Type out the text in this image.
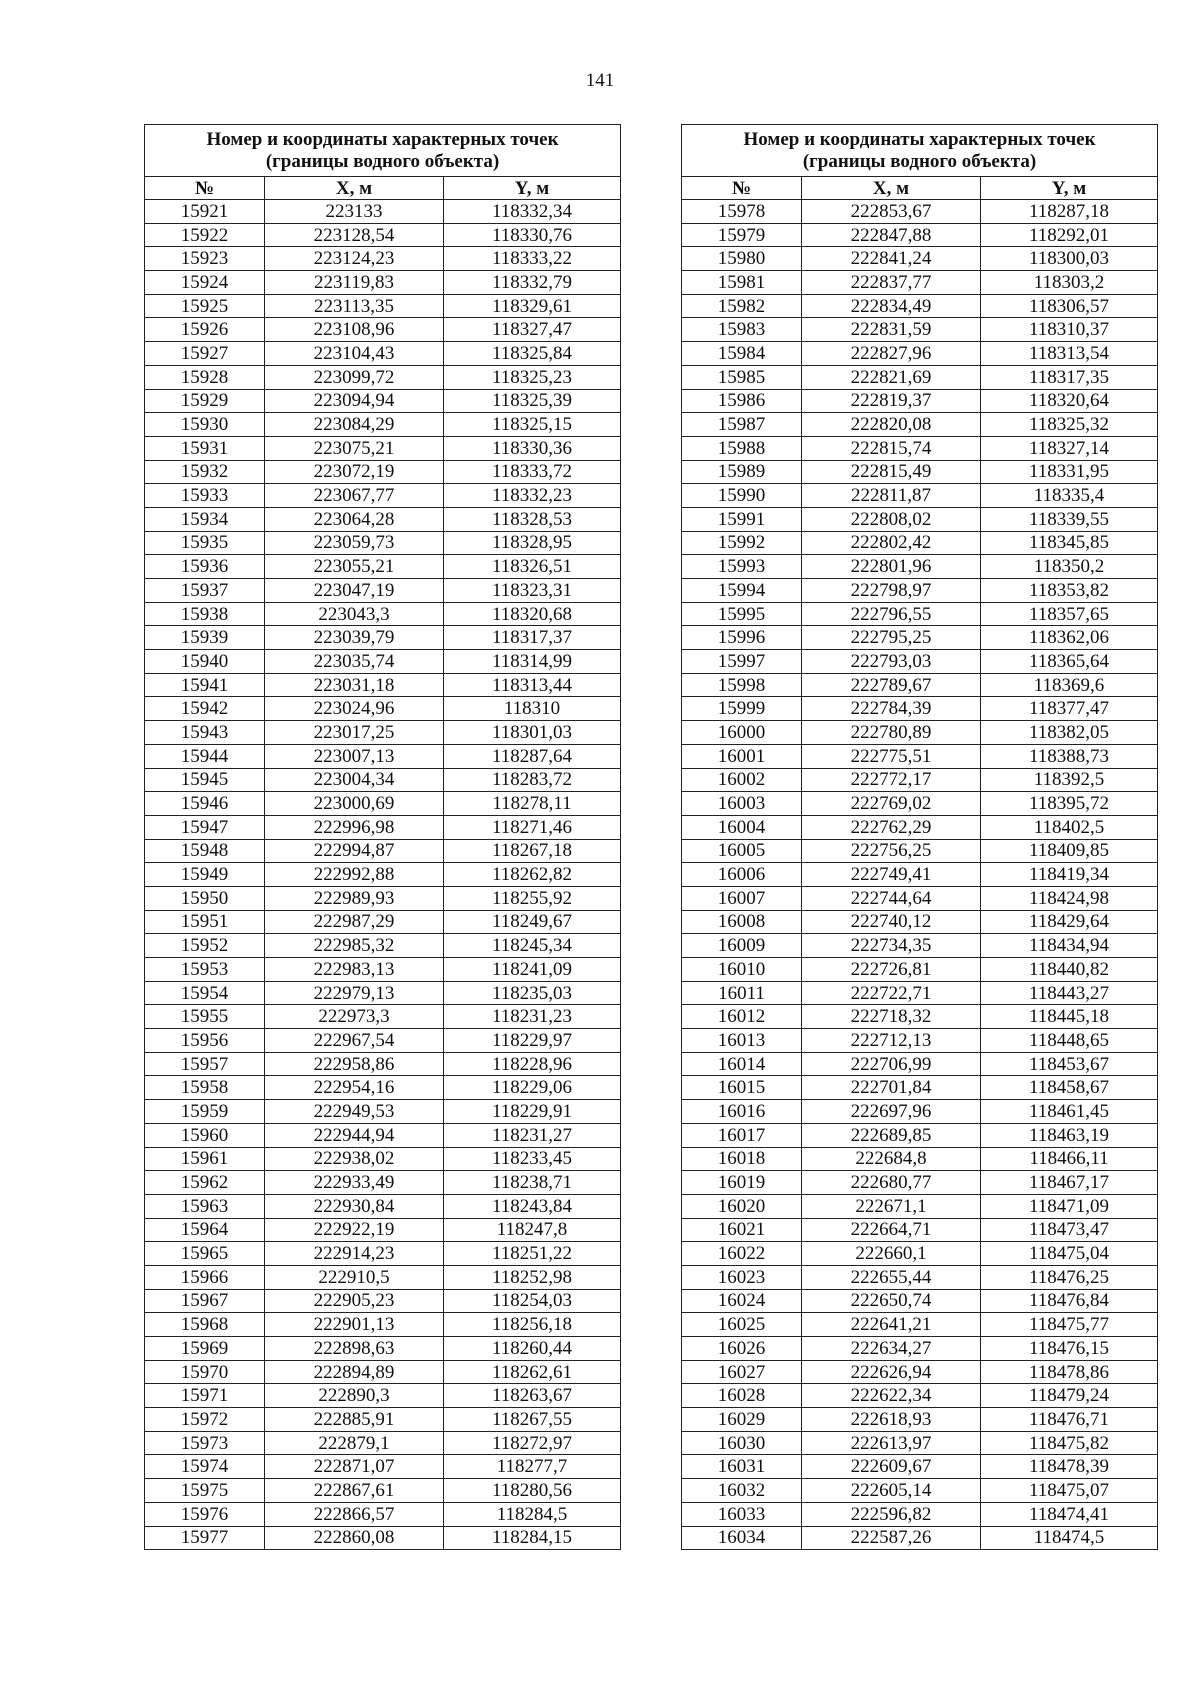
141
Номер и координаты характерных точек
(границы водного объекта)		
№	X, м	Y, м
15921	223133	118332,34
15922	223128,54	118330,76
15923	223124,23	118333,22
15924	223119,83	118332,79
15925	223113,35	118329,61
15926	223108,96	118327,47
15927	223104,43	118325,84
15928	223099,72	118325,23
15929	223094,94	118325,39
15930	223084,29	118325,15
15931	223075,21	118330,36
15932	223072,19	118333,72
15933	223067,77	118332,23
15934	223064,28	118328,53
15935	223059,73	118328,95
15936	223055,21	118326,51
15937	223047,19	118323,31
15938	223043,3	118320,68
15939	223039,79	118317,37
15940	223035,74	118314,99
15941	223031,18	118313,44
15942	223024,96	118310
15943	223017,25	118301,03
15944	223007,13	118287,64
15945	223004,34	118283,72
15946	223000,69	118278,11
15947	222996,98	118271,46
15948	222994,87	118267,18
15949	222992,88	118262,82
15950	222989,93	118255,92
15951	222987,29	118249,67
15952	222985,32	118245,34
15953	222983,13	118241,09
15954	222979,13	118235,03
15955	222973,3	118231,23
15956	222967,54	118229,97
15957	222958,86	118228,96
15958	222954,16	118229,06
15959	222949,53	118229,91
15960	222944,94	118231,27
15961	222938,02	118233,45
15962	222933,49	118238,71
15963	222930,84	118243,84
15964	222922,19	118247,8
15965	222914,23	118251,22
15966	222910,5	118252,98
15967	222905,23	118254,03
15968	222901,13	118256,18
15969	222898,63	118260,44
15970	222894,89	118262,61
15971	222890,3	118263,67
15972	222885,91	118267,55
15973	222879,1	118272,97
15974	222871,07	118277,7
15975	222867,61	118280,56
15976	222866,57	118284,5
15977	222860,08	118284,15
Номер и координаты характерных точек
(границы водного объекта)		
№	X, м	Y, м
15978	222853,67	118287,18
15979	222847,88	118292,01
15980	222841,24	118300,03
15981	222837,77	118303,2
15982	222834,49	118306,57
15983	222831,59	118310,37
15984	222827,96	118313,54
15985	222821,69	118317,35
15986	222819,37	118320,64
15987	222820,08	118325,32
15988	222815,74	118327,14
15989	222815,49	118331,95
15990	222811,87	118335,4
15991	222808,02	118339,55
15992	222802,42	118345,85
15993	222801,96	118350,2
15994	222798,97	118353,82
15995	222796,55	118357,65
15996	222795,25	118362,06
15997	222793,03	118365,64
15998	222789,67	118369,6
15999	222784,39	118377,47
16000	222780,89	118382,05
16001	222775,51	118388,73
16002	222772,17	118392,5
16003	222769,02	118395,72
16004	222762,29	118402,5
16005	222756,25	118409,85
16006	222749,41	118419,34
16007	222744,64	118424,98
16008	222740,12	118429,64
16009	222734,35	118434,94
16010	222726,81	118440,82
16011	222722,71	118443,27
16012	222718,32	118445,18
16013	222712,13	118448,65
16014	222706,99	118453,67
16015	222701,84	118458,67
16016	222697,96	118461,45
16017	222689,85	118463,19
16018	222684,8	118466,11
16019	222680,77	118467,17
16020	222671,1	118471,09
16021	222664,71	118473,47
16022	222660,1	118475,04
16023	222655,44	118476,25
16024	222650,74	118476,84
16025	222641,21	118475,77
16026	222634,27	118476,15
16027	222626,94	118478,86
16028	222622,34	118479,24
16029	222618,93	118476,71
16030	222613,97	118475,82
16031	222609,67	118478,39
16032	222605,14	118475,07
16033	222596,82	118474,41
16034	222587,26	118474,5
